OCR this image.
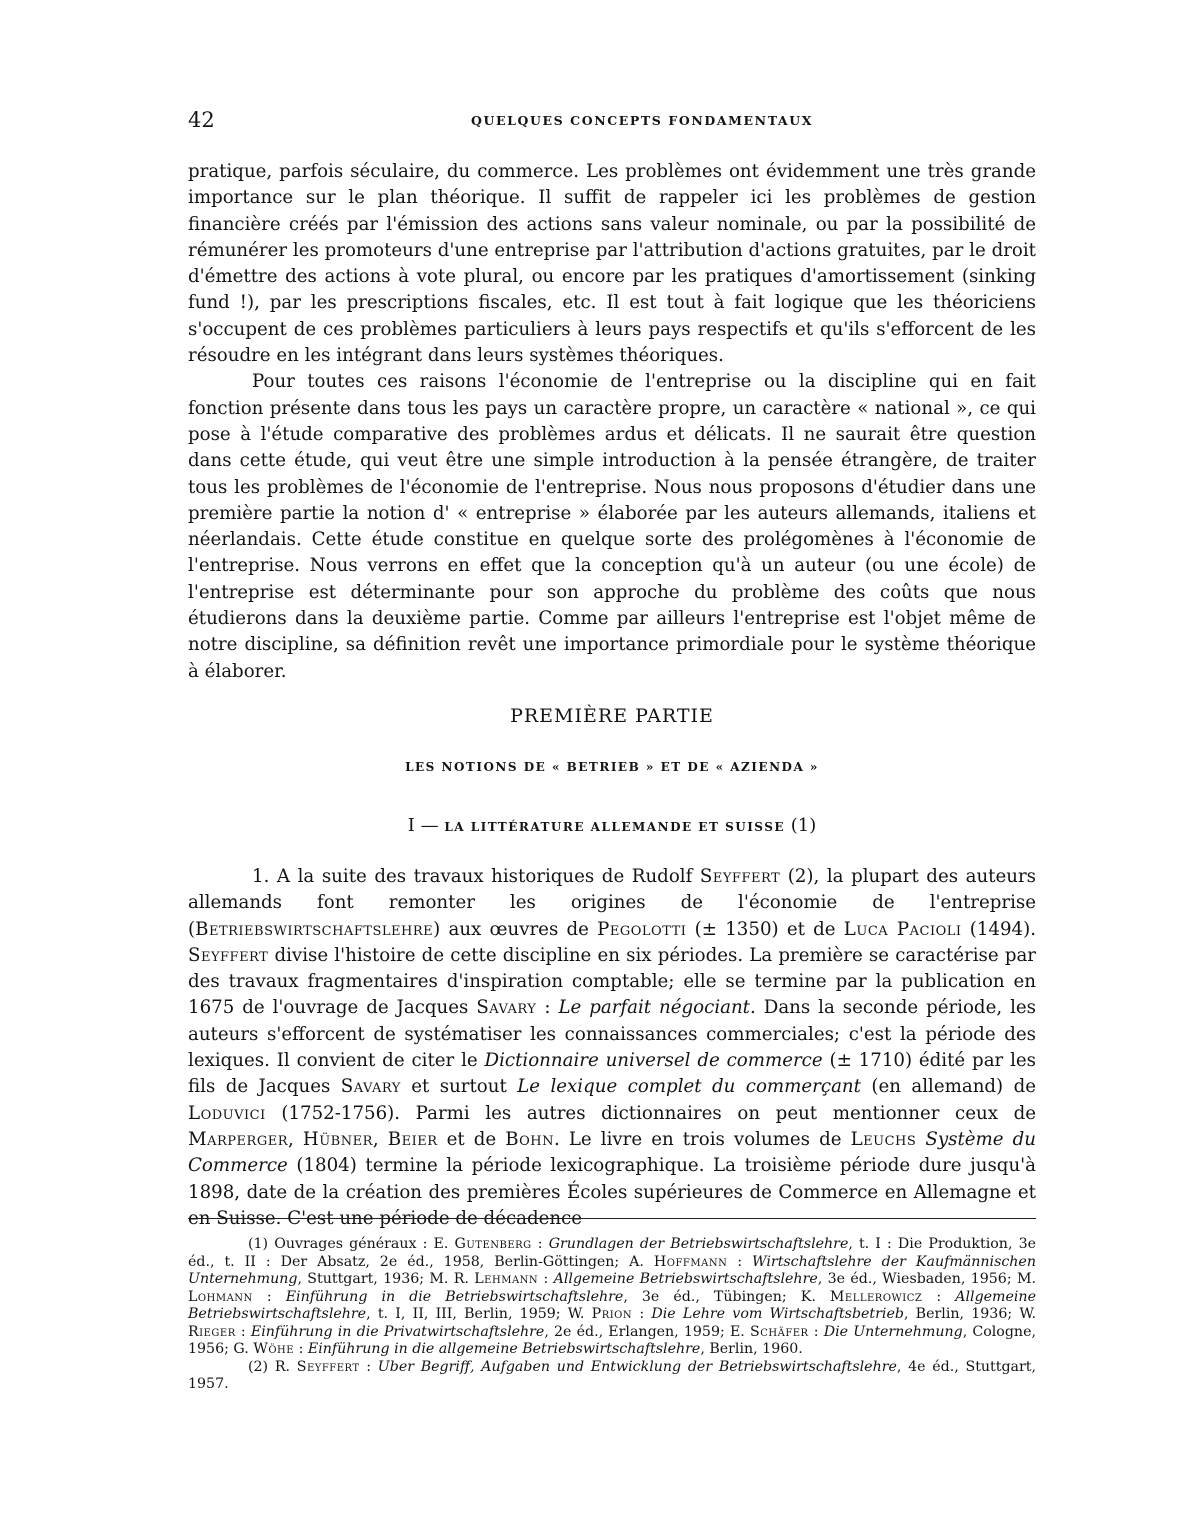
42	QUELQUES CONCEPTS FONDAMENTAUX

pratique, parfois séculaire, du commerce. Les problèmes ont évidemment une très grande importance sur le plan théorique. Il suffit de rappeler ici les problèmes de gestion financière créés par l'émission des actions sans valeur nominale, ou par la possibilité de rémunérer les promoteurs d'une entreprise par l'attribution d'actions gratuites, par le droit d'émettre des actions à vote plural, ou encore par les pratiques d'amortissement (sinking fund !), par les prescriptions fiscales, etc. Il est tout à fait logique que les théoriciens s'occupent de ces problèmes particuliers à leurs pays respectifs et qu'ils s'efforcent de les résoudre en les intégrant dans leurs systèmes théoriques.

Pour toutes ces raisons l'économie de l'entreprise ou la discipline qui en fait fonction présente dans tous les pays un caractère propre, un caractère « national », ce qui pose à l'étude comparative des problèmes ardus et délicats. Il ne saurait être question dans cette étude, qui veut être une simple introduction à la pensée étrangère, de traiter tous les problèmes de l'économie de l'entreprise. Nous nous proposons d'étudier dans une première partie la notion d' « entreprise » élaborée par les auteurs allemands, italiens et néerlandais. Cette étude constitue en quelque sorte des prolégomènes à l'économie de l'entreprise. Nous verrons en effet que la conception qu'à un auteur (ou une école) de l'entreprise est déterminante pour son approche du problème des coûts que nous étudierons dans la deuxième partie. Comme par ailleurs l'entreprise est l'objet même de notre discipline, sa définition revêt une importance primordiale pour le système théorique à élaborer.

PREMIÈRE PARTIE
LES NOTIONS DE « BETRIEB » ET DE « AZIENDA »
I — LA LITTÉRATURE ALLEMANDE ET SUISSE (1)

1. A la suite des travaux historiques de Rudolf Seyffert (2), la plupart des auteurs allemands font remonter les origines de l'économie de l'entreprise (Betriebswirtschaftslehre) aux œuvres de Pegolotti (± 1350) et de Luca Pacioli (1494). Seyffert divise l'histoire de cette discipline en six périodes. La première se caractérise par des travaux fragmentaires d'inspiration comptable; elle se termine par la publication en 1675 de l'ouvrage de Jacques Savary : Le parfait négociant. Dans la seconde période, les auteurs s'efforcent de systématiser les connaissances commerciales; c'est la période des lexiques. Il convient de citer le Dictionnaire universel de commerce (± 1710) édité par les fils de Jacques Savary et surtout Le lexique complet du commerçant (en allemand) de Loduvici (1752-1756). Parmi les autres dictionnaires on peut mentionner ceux de Marperger, Hübner, Beier et de Bohn. Le livre en trois volumes de Leuchs Système du Commerce (1804) termine la période lexicographique. La troisième période dure jusqu'à 1898, date de la création des premières Écoles supérieures de Commerce en Allemagne et en Suisse. C'est une période de décadence

(1) Ouvrages généraux : E. Gutenberg : Grundlagen der Betriebswirtschaftslehre, t. I : Die Produktion, 3e éd., t. II : Der Absatz, 2e éd., 1958, Berlin-Göttingen; A. Hoffmann : Wirtschaftslehre der Kaufmännischen Unternehmung, Stuttgart, 1936; M. R. Lehmann : Allgemeine Betriebswirtschaftslehre, 3e éd., Wiesbaden, 1956; M. Lohmann : Einführung in die Betriebswirtschaftslehre, 3e éd., Tübingen; K. Mellerowicz : Allgemeine Betriebswirtschaftslehre, t. I, II, III, Berlin, 1959; W. Prion : Die Lehre vom Wirtschaftsbetrieb, Berlin, 1936; W. Rieger : Einführung in die Privatwirtschaftslehre, 2e éd., Erlangen, 1959; E. Schäfer : Die Unternehmung, Cologne, 1956; G. Wöhe : Einführung in die allgemeine Betriebswirtschaftslehre, Berlin, 1960.

(2) R. Seyffert : Uber Begriff, Aufgaben und Entwicklung der Betriebswirtschaftslehre, 4e éd., Stuttgart, 1957.
